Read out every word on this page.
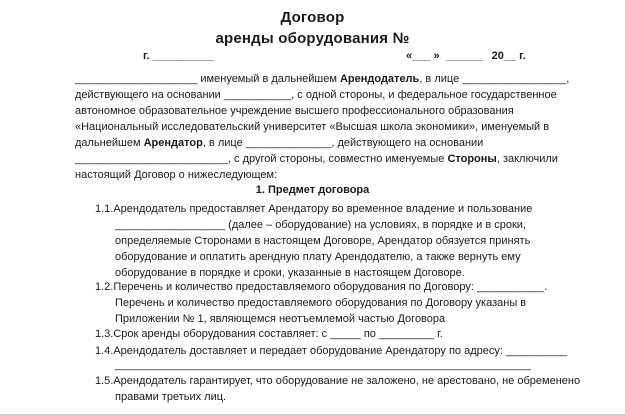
Договор
аренды оборудования №
г. __________	«___ »  ______   20__ г.
____________________ именуемый в дальнейшем Арендодатель, в лице _________________,
действующего на основании ___________, с одной стороны, и федеральное государственное
автономное образовательное учреждение высшего профессионального образования
«Национальный исследовательский университет «Высшая школа экономики», именуемый в
дальнейшем Арендатор, в лице ______________, действующего на основании
_________________________, с другой стороны, совместно именуемые Стороны, заключили
настоящий Договор о нижеследующем:
1. Предмет договора
1.1.Арендодатель предоставляет Арендатору во временное владение и пользование
__________________ (далее – оборудование) на условиях, в порядке и в сроки,
определяемые Сторонами в настоящем Договоре, Арендатор обязуется принять
оборудование и оплатить арендную плату Арендодателю, а также вернуть ему
оборудование в порядке и сроки, указанные в настоящем Договоре.
1.2.Перечень и количество предоставляемого оборудования по Договору: ___________.
Перечень и количество предоставляемого оборудования по Договору указаны в
Приложении № 1, являющемся неотъемлемой частью Договора
1.3.Срок аренды оборудования составляет: с _____ по _________ г.
1.4.Арендодатель доставляет и передает оборудование Арендатору по адресу: __________
____________________________________________________________________
1.5.Арендодатель гарантирует, что оборудование не заложено, не арестовано, не обременено
правами третьих лиц.
